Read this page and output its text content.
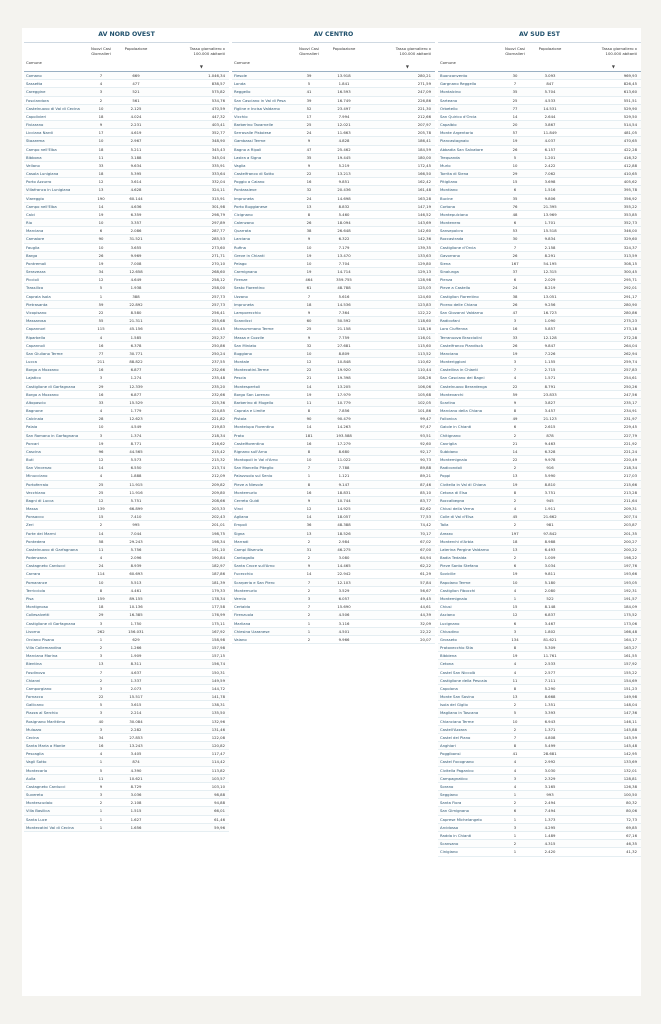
AV NORD OVEST
Comune
Nuovi Casi Giornalieri
Popolazione	Tasso giornaliero x 100.000 abitanti
▼
Comano	7	669	1.046,34
Sassetta	4	477	838,57
Careggine	3	521	575,82
Fosciandora	2	561	534,76
Castelnuovo di Val di Cecina	10	2.125	470,59
Capolivieri	18	4.024	447,32
Fivizzano	9	2.231	403,41
Licciana Nardi	17	4.619	352,77
Stazzema	10	2.967	348,90
Campo nell'Elba	18	5.211	345,43
Bibbona	11	3.188	345,04
Vellano	33	9.634	335,91
Casola Lunigiana	18	5.395	333,64
Porto Azzurro	12	3.614	332,04
Villafranca in Lunigiana	13	4.628	324,11
Viareggio	190	60.144	315,91
Campo nell'Elba	14	4.636	301,98
Calci	19	6.359	298,79
Rio	10	3.357	297,89
Marciana	6	2.086	287,77
Camaiore	90	31.521	285,53
Fauglia	10	3.655	273,60
Barga	26	9.969	271,71
Pontremoli	19	7.008	270,10
Seravezza	34	12.658	268,60
Piccioli	12	4.649	258,12
Trassilico	5	1.938	258,00
Capraia Isola	1	388	257,73
Pietrasanta	59	22.892	257,73
Vicopisano	22	8.580	256,41
Massarosa	55	21.311	255,68
Capannori	115	45.156	254,45
Riparbella	4	1.585	252,37
Capannoli	16	6.378	250,86
San Giuliano Terme	77	30.771	250,24
Lucca	211	88.822	237,55
Borgo a Mozzano	16	6.877	232,66
Lajatico	3	1.274	235,48
Castiglione di Garfagnana	29	12.339	235,20
Borgo a Mozzano	16	6.877	232,66
Altopascio	33	15.529	225,36
Bagnone	4	1.779	224,85
Calcinaia	28	12.623	221,82
Palaia	10	4.549	219,83
San Romano in Garfagnana	3	1.374	218,34
Porcari	19	8.771	216,62
Cascina	96	44.565	215,42
Buti	12	5.573	215,32
San Vincenzo	14	6.550	213,74
Minucciano	4	1.888	212,09
Portoferraio	25	11.915	209,82
Vecchiano	25	11.916	209,80
Bagni di Lucca	12	5.751	208,66
Massa	139	66.899	203,33
Ponsacco	15	7.410	202,43
Zeri	2	995	201,01
Forte dei Marmi	14	7.044	198,75
Pontedera	58	29.243	198,34
Castelnuovo di Garfagnana	11	5.756	191,10
Podenzana	4	2.096	190,84
Castagneto Carducci	24	8.939	182,97
Carrara	114	60.693	187,86
Pomarance	10	5.513	181,39
Terricciola	8	4.461	179,33
Pisa	159	89.155	178,34
Montignoso	18	10.136	177,58
Collesalvetti	29	16.385	176,99
Castiglione di Garfagnana	3	1.750	175,11
Livorno	262	156.031	167,92
Orciano Pisano	1	629	158,98
Villa Collemandina	2	1.266	157,98
Marciana Marina	3	1.909	157,15
Bientina	13	8.311	156,74
Fosdinovo	7	4.637	150,31
Chianni	2	1.337	149,59
Camporgiano	3	2.073	144,72
Fornacco	22	15.517	141,78
Gallicano	5	3.615	138,31
Piazza al Serchio	3	2.214	135,50
Rosignano Marittimo	40	30.084	132,96
Mulazzo	3	2.282	131,46
Cecina	34	27.853	122,08
Santa Maria a Monte	16	13.243	120,82
Pescaglia	4	3.405	117,47
Vagli Sotto	1	874	114,42
Montecarlo	5	4.390	113,82
Aulla	11	10.621	103,57
Castagneto Carducci	9	8.729	103,10
Suvereto	3	3.036	98,88
Montescudaio	2	2.108	94,88
Villa Basilica	1	1.515	66,01
Santa Luce	1	1.627	61,46
Montecatini Val di Cecina	1	1.656	59,96
AV CENTRO
Comune
Nuovi Casi Giornalieri
Popolazione	Tasso giornaliero x 100.000 abitanti
▼
Fiesole	39	13.918	280,21
Londa	5	1.841	271,59
Reggello	41	16.593	247,09
San Casciano in Val di Pesa	39	16.749	226,86
Figline e Incisa Valdarno	52	23.497	221,30
Vicchio	17	7.994	212,66
Barberino Tavarnelle	25	12.021	207,97
Serravalle Pistoiese	24	11.663	205,78
Gambassi Terme	9	4.828	186,41
Bagno a Ripoli	47	25.462	184,59
Lastra a Signa	35	19.445	180,00
Vaglia	9	5.219	172,45
Castelfranco di Sotto	22	13.213	166,50
Poggio a Caiano	16	9.851	162,42
Pontassieve	32	20.436	161,48
Impruneta	24	14.698	163,28
Porto Buggianese	13	8.832	147,19
Cicignano	8	5.460	146,52
Calenzano	26	18.094	143,69
Quarrata	38	26.648	142,60
Larciano	9	6.322	142,36
Rufina	10	7.179	139,35
Greve in Chianti	19	13.470	133,63
Pelago	10	7.704	129,80
Carmignano	19	14.714	129,13
Firenze	464	359.755	128,98
Sesto Fiorentino	61	48.788	125,03
Uzzano	7	5.616	124,60
Impruneta	18	14.536	123,83
Lamporecchio	9	7.364	122,22
Scandicci	60	50.592	118,60
Monsummano Terme	25	21.158	118,16
Massa e Cozzile	9	7.759	116,01
San Miniato	32	27.681	115,60
Buggiano	10	8.809	113,52
Montale	12	10.848	110,62
Montecatini-Terme	22	19.920	110,44
Pescia	21	19.398	108,26
Montespertoli	14	13.205	106,06
Borgo San Lorenzo	19	17.979	105,68
Barberino di Mugello	11	10.779	102,05
Capraia e Limite	8	7.856	101,86
Pistoia	90	90.479	99,47
Montelupo Fiorentino	14	14.263	97,47
Prato	181	193.588	93,51
Castelfiorentino	16	17.279	92,60
Rignano sull'Arno	8	8.680	92,17
Montopoli in Val d'Arno	10	11.022	90,73
San Marcello Piteglio	7	7.788	89,88
Palazzuolo sul Senio	1	1.121	89,21
Pieve a Nievole	8	9.147	87,46
Montemurlo	16	18.831	85,10
Cerreto Guidi	9	10.744	83,77
Vinci	12	14.925	82,62
Agliana	14	18.057	77,53
Empoli	36	48.388	74,42
Signa	13	18.526	70,17
Marradi	2	2.984	67,02
Campi Bisenzio	31	46.275	67,00
Cantagallo	2	3.080	64,94
Santa Croce sull'Arno	9	14.465	62,22
Fucecchio	14	22.942	61,29
Scarperia e San Piero	7	12.103	57,84
Montemurlo	2	3.529	56,67
Vernio	3	6.057	49,45
Certaldo	7	15.690	44,61
Firenzuola	2	4.506	44,39
Marliana	1	3.116	32,09
Chiesina Uzzanese	1	4.501	22,22
Vaiano	2	9.966	20,07
AV SUD EST
Comune
Nuovi Casi Giornalieri
Popolazione	Tasso giornaliero x 100.000 abitanti
▼
Buonconvento	30	3.093	969,93
Gargnano Reggello	7	847	826,45
Montalcino	35	5.704	613,60
Sarteano	25	4.533	551,51
Orbetello	77	14.531	529,90
San Quirico d'Orcia	14	2.644	529,50
Capalbio	20	3.867	514,54
Monte Argentario	57	11.849	481,05
Piancastagnaio	19	4.037	470,65
Abbadia San Salvatore	26	6.157	422,28
Trequanda	5	1.201	416,32
Murlo	10	2.422	412,88
Torrita di Siena	29	7.062	410,65
Pitigliano	15	3.698	405,62
Montiano	6	1.516	395,78
Bucine	35	9.806	356,92
Cortona	76	21.395	355,22
Montepulciano	48	13.969	353,85
Montenero	6	1.701	352,73
Sansepolcro	53	15.518	346,00
Roccastrada	30	9.834	329,60
Castiglione d'Orcia	7	2.158	324,37
Gavorrano	26	8.291	313,59
Siena	167	54.195	308,15
Sinalunga	37	12.315	300,45
Pienza	6	2.029	295,71
Pieve a Castello	24	8.219	292,01
Castiglion Fiorentino	38	13.051	291,17
Piceno delle Chiana	26	9.256	280,90
San Giovanni Valdarno	47	16.723	280,86
Radicofani	3	1.090	275,23
Loro Ciuffenna	16	5.857	273,18
Terranuova Bracciolini	33	12.128	272,28
Castelfranco Piandiscò	26	9.847	264,04
Manciano	19	7.226	262,94
Monteriggioni	3	1.155	259,74
Castellina in Chianti	7	2.715	257,83
San Casciano dei Bagni	4	1.571	254,61
Castelnuovo Berardenga	22	8.791	250,26
Montevarchi	59	23.833	247,56
Scarlino	9	3.827	235,17
Marciano della Chiana	8	3.457	234,91
Follonica	49	21.123	231,97
Gaiole in Chianti	6	2.615	229,45
Chitignano	2	878	227,79
Cavriglia	21	9.463	221,92
Subbiano	14	6.328	221,24
Montemignaio	22	9.978	220,49
Radicondoli	2	916	218,34
Poppi	13	5.990	217,03
Civitella in Val di Chiana	19	8.810	215,66
Cetona di Elsa	8	3.751	213,28
Roccalbegna	2	945	211,64
Chiusi della Verna	4	1.911	209,31
Colle di Val d'Elsa	45	21.662	207,74
Talla	2	981	203,87
Arezzo	197	97.842	201,35
Monterchi d'Arbia	18	8.988	200,27
Laterina Pergine Valdarno	13	6.493	200,22
Badia Tedalda	2	1.009	198,22
Pieve Santo Stefano	6	3.034	197,76
Sovicille	19	9.811	193,66
Rapolano Terme	10	5.180	193,05
Castiglion Fibocchi	4	2.080	192,31
Montemignaio	1	522	191,57
Chiusi	15	8.148	184,09
Asciano	12	6.837	175,52
Lucignano	6	3.467	173,06
Chiusdino	3	1.802	166,48
Grosseto	134	81.621	164,17
Pratovecchio Stia	8	5.309	163,27
Bibbiena	19	11.761	161,55
Cetona	4	2.533	157,92
Castel San Niccolò	4	2.577	155,22
Castiglione della Pescaia	11	7.111	154,69
Capolona	8	5.290	151,23
Monte San Savino	13	8.668	149,98
Isola del Giglio	2	1.351	148,04
Magliano in Toscana	5	3.393	147,36
Chianciano Terme	10	6.943	146,11
Castell'Azzara	2	1.371	145,88
Castel del Piano	7	4.808	145,59
Anghiari	8	5.499	145,48
Poggibonsi	41	28.681	142,95
Castel Focognano	4	2.992	133,69
Civitella Paganico	4	3.030	132,01
Campagnatico	3	2.329	128,81
Sorano	4	3.165	126,38
Seggiano	1	993	100,50
Santa Fiora	2	2.494	80,32
San Gimignano	6	7.494	80,06
Caprese Michelangelo	1	1.373	72,73
Arcidosso	3	4.295	69,85
Radda in Chianti	1	1.489	67,16
Scansano	2	4.315	46,35
Cinigiano	1	2.420	41,32
